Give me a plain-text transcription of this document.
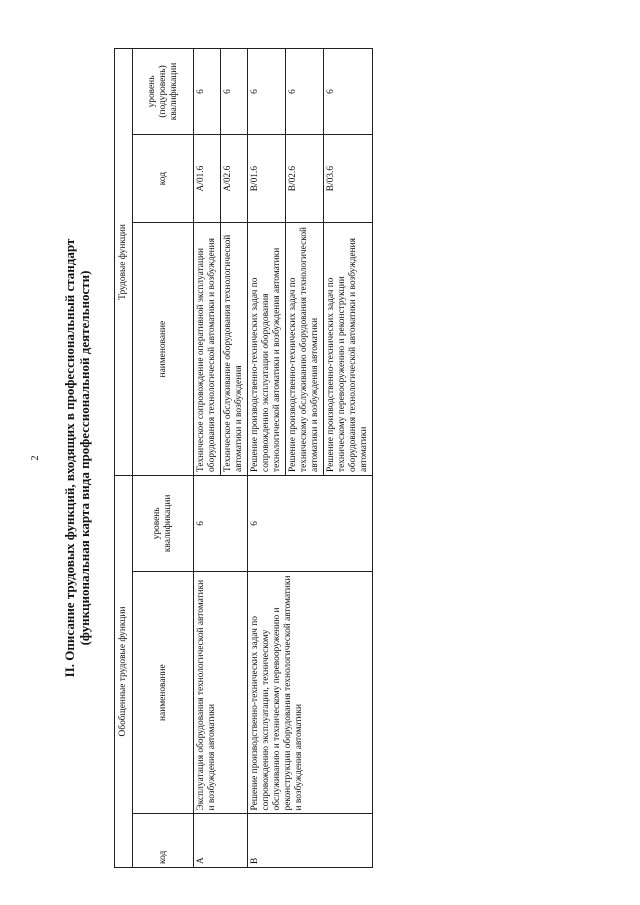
2	II. Описание трудовых функций, входящих в профессиональный стандарт (функциональная карта вида профессиональной деятельности)
Обобщенные трудовые функции			Трудовые функции		
код	наименование	уровень квалификации	наименование	код	уровень (подуровень) квалификации
А	Эксплуатация оборудования технологической автоматики и возбуждения автоматики	6	Техническое сопровождение оперативной эксплуатации оборудования технологической автоматики и возбуждения	А/01.6	6
			Техническое обслуживание оборудования технологической автоматики и возбуждения	А/02.6	6
В	Решение производственно-технических задач по сопровождению эксплуатации, техническому обслуживанию и техническому перевооружению и реконструкции оборудования технологической автоматики и возбуждения автоматики	6	Решение производственно-технических задач по сопровождению эксплуатации оборудования технологической автоматики и возбуждения автоматики	В/01.6	6
			Решение производственно-технических задач по техническому обслуживанию оборудования технологической автоматики и возбуждения автоматики	В/02.6	6
			Решение производственно-технических задач по техническому перевооружению и реконструкции оборудования технологической автоматики и возбуждения автоматики	В/03.6	6
